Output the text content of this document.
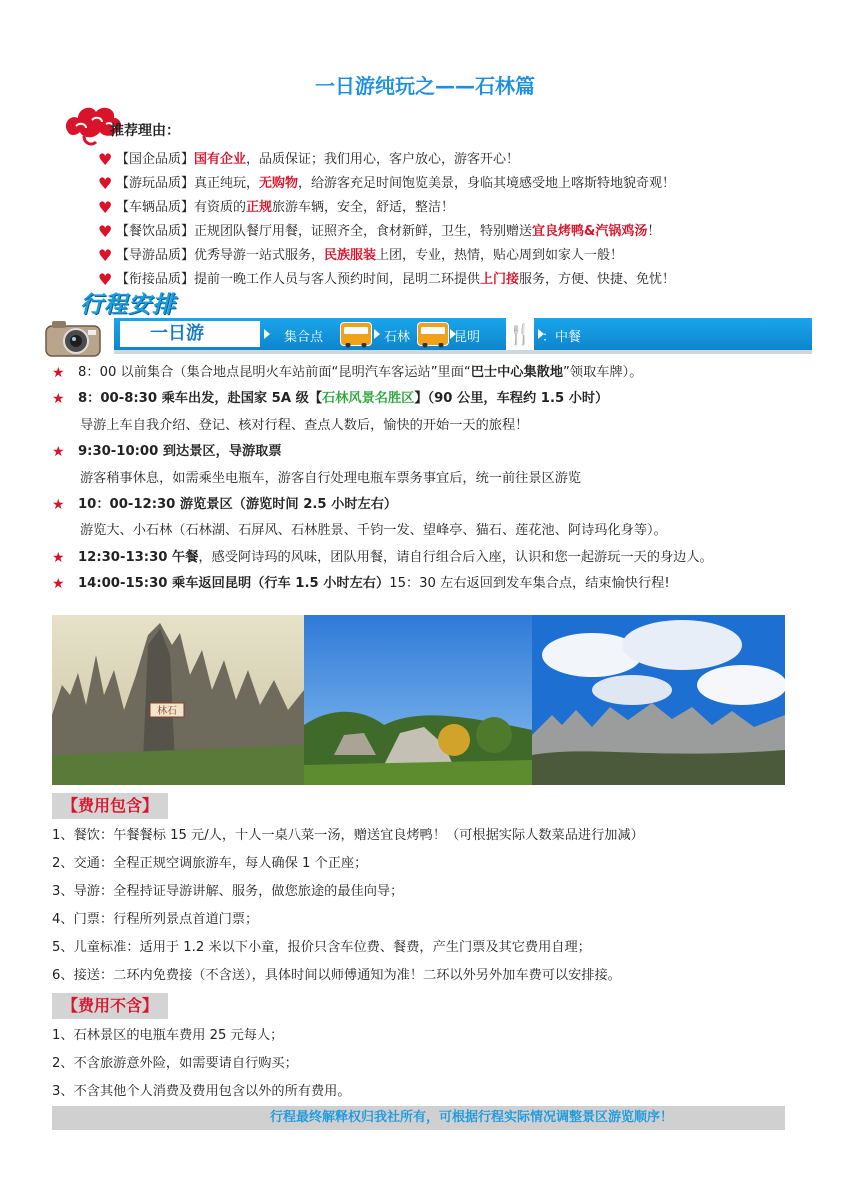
一日游纯玩之——石林篇
推荐理由：
♥ 【国企品质】 国有企业 ，品质保证；我们用心，客户放心，游客开心！
♥ 【游玩品质】真正纯玩， 无购物 ，给游客充足时间饱览美景，身临其境感受地上喀斯特地貌奇观！
♥ 【车辆品质】有资质的 正规 旅游车辆，安全，舒适，整洁！
♥ 【餐饮品质】正规团队餐厅用餐，证照齐全，食材新鲜，卫生，特别赠送 宜良烤鸭&汽锅鸡汤 ！
♥ 【导游品质】优秀导游一站式服务， 民族服装 上团，专业，热情，贴心周到如家人一般！
♥ 【衔接品质】提前一晚工作人员与客人预约时间，昆明二环提供 上门接 服务，方便、快捷、免忧！
行程安排
一日游	集合点	石林	昆明 🍴 ：中餐
★ 8：00 以前集合（集合地点昆明火车站前面“昆明汽车客运站”里面“巴士中心集散地”领取车牌）。
★ 8：00-8:30 乘车出发，赴国家 5A 级【石林风景名胜区】（90 公里，车程约 1.5 小时）
导游上车自我介绍、登记、核对行程、查点人数后，愉快的开始一天的旅程！
★ 9:30-10:00 到达景区，导游取票
游客稍事休息，如需乘坐电瓶车，游客自行处理电瓶车票务事宜后，统一前往景区游览
★ 10：00-12:30 游览景区（游览时间 2.5 小时左右）
游览大、小石林（石林湖、石屏风、石林胜景、千钧一发、望峰亭、猫石、莲花池、阿诗玛化身等）。
★ 12:30-13:30 午餐，感受阿诗玛的风味，团队用餐，请自行组合后入座，认识和您一起游玩一天的身边人。
★ 14:00-15:30 乘车返回昆明（行车 1.5 小时左右）15：30 左右返回到发车集合点，结束愉快行程!
林石
【费用包含】
1、餐饮：午餐餐标 15 元/人，十人一桌八菜一汤，赠送宜良烤鸭！（可根据实际人数菜品进行加减）
2、交通：全程正规空调旅游车，每人确保 1 个正座；
3、导游：全程持证导游讲解、服务，做您旅途的最佳向导；
4、门票：行程所列景点首道门票；
5、儿童标准：适用于 1.2 米以下小童，报价只含车位费、餐费，产生门票及其它费用自理；
6、接送：二环内免费接（不含送），具体时间以师傅通知为准！二环以外另外加车费可以安排接。
【费用不含】
1、石林景区的电瓶车费用 25 元每人；
2、不含旅游意外险，如需要请自行购买；
3、不含其他个人消费及费用包含以外的所有费用。
行程最终解释权归我社所有，可根据行程实际情况调整景区游览顺序！
